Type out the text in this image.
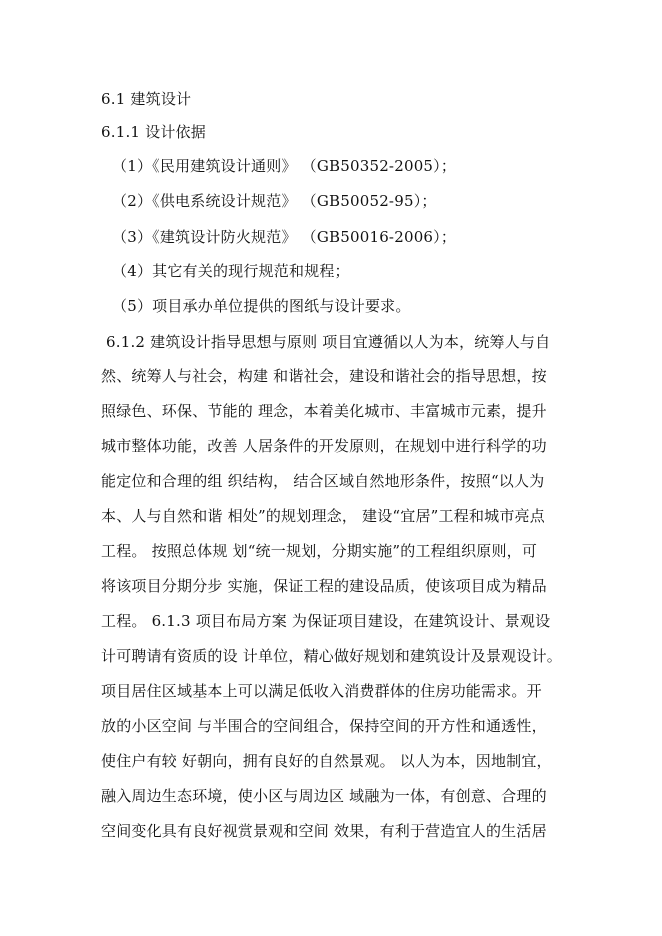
6.1 建筑设计
6.1.1 设计依据
（1）《民用建筑设计通则》 （GB50352-2005）；
（2）《供电系统设计规范》 （GB50052-95）；
（3）《建筑设计防火规范》 （GB50016-2006）；
（4）其它有关的现行规范和规程；
（5）项目承办单位提供的图纸与设计要求。
6.1.2 建筑设计指导思想与原则 项目宜遵循以人为本，统筹人与自
然、统筹人与社会，构建 和谐社会，建设和谐社会的指导思想，按
照绿色、环保、节能的 理念，本着美化城市、丰富城市元素，提升
城市整体功能，改善 人居条件的开发原则，在规划中进行科学的功
能定位和合理的组 织结构， 结合区域自然地形条件，按照“以人为
本、人与自然和谐 相处”的规划理念， 建设“宜居”工程和城市亮点
工程。 按照总体规 划“统一规划，分期实施”的工程组织原则，可
将该项目分期分步 实施，保证工程的建设品质，使该项目成为精品
工程。 6.1.3 项目布局方案 为保证项目建设，在建筑设计、景观设
计可聘请有资质的设 计单位，精心做好规划和建筑设计及景观设计。
项目居住区域基本上可以满足低收入消费群体的住房功能需求。开
放的小区空间 与半围合的空间组合，保持空间的开方性和通透性，
使住户有较 好朝向，拥有良好的自然景观。 以人为本，因地制宜，
融入周边生态环境，使小区与周边区 域融为一体，有创意、合理的
空间变化具有良好视赏景观和空间 效果，有利于营造宜人的生活居
